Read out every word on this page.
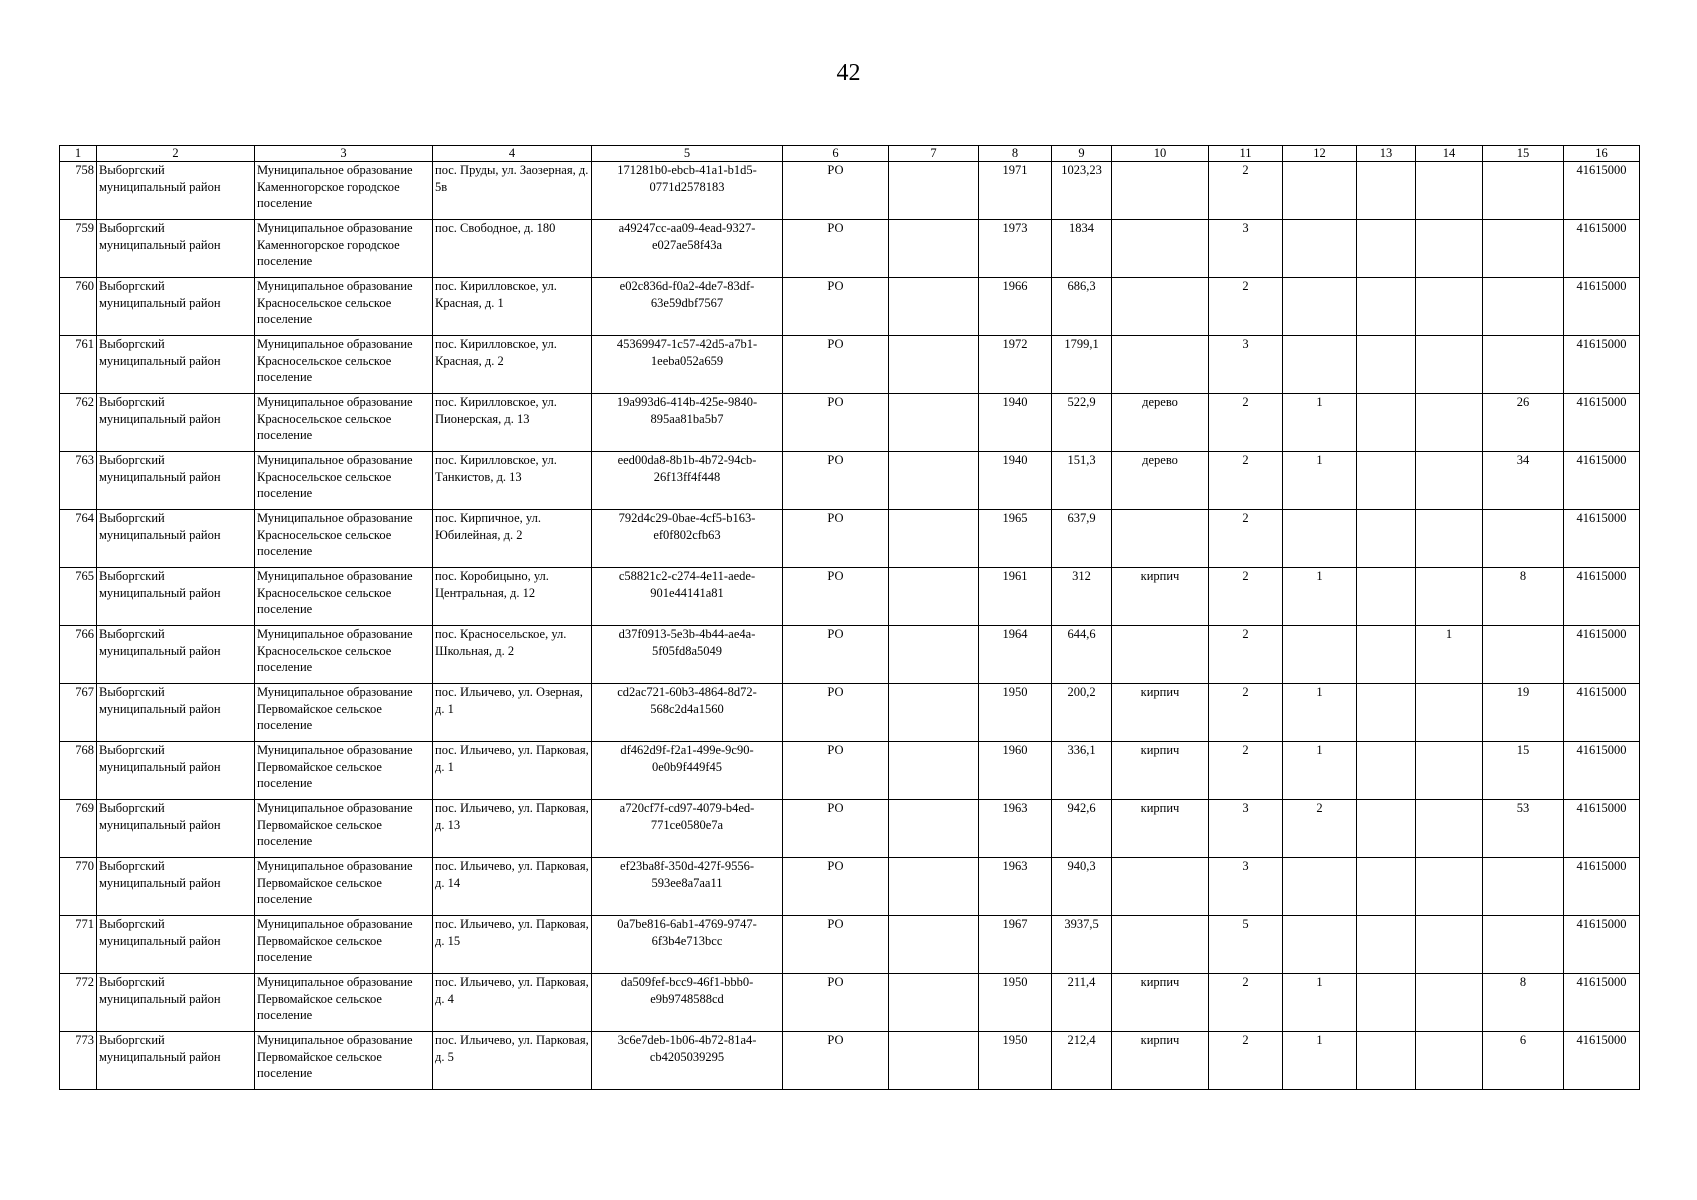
42
1	2	3	4	5	6	7	8	9	10	11	12	13	14	15	16
758	Выборгский муниципальный район	Муниципальное образование Каменногорское городское поселение	пос. Пруды, ул. Заозерная, д. 5в	171281b0-ebcb-41a1-b1d5-0771d2578183	РО		1971	1023,23		2					41615000
759	Выборгский муниципальный район	Муниципальное образование Каменногорское городское поселение	пос. Свободное, д. 180	a49247cc-aa09-4ead-9327-e027ae58f43a	РО		1973	1834		3					41615000
760	Выборгский муниципальный район	Муниципальное образование Красносельское сельское поселение	пос. Кирилловское, ул. Красная, д. 1	e02c836d-f0a2-4de7-83df-63e59dbf7567	РО		1966	686,3		2					41615000
761	Выборгский муниципальный район	Муниципальное образование Красносельское сельское поселение	пос. Кирилловское, ул. Красная, д. 2	45369947-1c57-42d5-a7b1-1eeba052a659	РО		1972	1799,1		3					41615000
762	Выборгский муниципальный район	Муниципальное образование Красносельское сельское поселение	пос. Кирилловское, ул. Пионерская, д. 13	19a993d6-414b-425e-9840-895aa81ba5b7	РО		1940	522,9	дерево	2	1			26	41615000
763	Выборгский муниципальный район	Муниципальное образование Красносельское сельское поселение	пос. Кирилловское, ул. Танкистов, д. 13	eed00da8-8b1b-4b72-94cb-26f13ff4f448	РО		1940	151,3	дерево	2	1			34	41615000
764	Выборгский муниципальный район	Муниципальное образование Красносельское сельское поселение	пос. Кирпичное, ул. Юбилейная, д. 2	792d4c29-0bae-4cf5-b163-ef0f802cfb63	РО		1965	637,9		2					41615000
765	Выборгский муниципальный район	Муниципальное образование Красносельское сельское поселение	пос. Коробицыно, ул. Центральная, д. 12	c58821c2-c274-4e11-aede-901e44141a81	РО		1961	312	кирпич	2	1			8	41615000
766	Выборгский муниципальный район	Муниципальное образование Красносельское сельское поселение	пос. Красносельское, ул. Школьная, д. 2	d37f0913-5e3b-4b44-ae4a-5f05fd8a5049	РО		1964	644,6		2			1		41615000
767	Выборгский муниципальный район	Муниципальное образование Первомайское сельское поселение	пос. Ильичево, ул. Озерная, д. 1	cd2ac721-60b3-4864-8d72-568c2d4a1560	РО		1950	200,2	кирпич	2	1			19	41615000
768	Выборгский муниципальный район	Муниципальное образование Первомайское сельское поселение	пос. Ильичево, ул. Парковая, д. 1	df462d9f-f2a1-499e-9c90-0e0b9f449f45	РО		1960	336,1	кирпич	2	1			15	41615000
769	Выборгский муниципальный район	Муниципальное образование Первомайское сельское поселение	пос. Ильичево, ул. Парковая, д. 13	a720cf7f-cd97-4079-b4ed-771ce0580e7a	РО		1963	942,6	кирпич	3	2			53	41615000
770	Выборгский муниципальный район	Муниципальное образование Первомайское сельское поселение	пос. Ильичево, ул. Парковая, д. 14	ef23ba8f-350d-427f-9556-593ee8a7aa11	РО		1963	940,3		3					41615000
771	Выборгский муниципальный район	Муниципальное образование Первомайское сельское поселение	пос. Ильичево, ул. Парковая, д. 15	0a7be816-6ab1-4769-9747-6f3b4e713bcc	РО		1967	3937,5		5					41615000
772	Выборгский муниципальный район	Муниципальное образование Первомайское сельское поселение	пос. Ильичево, ул. Парковая, д. 4	da509fef-bcc9-46f1-bbb0-e9b9748588cd	РО		1950	211,4	кирпич	2	1			8	41615000
773	Выборгский муниципальный район	Муниципальное образование Первомайское сельское поселение	пос. Ильичево, ул. Парковая, д. 5	3c6e7deb-1b06-4b72-81a4-cb4205039295	РО		1950	212,4	кирпич	2	1			6	41615000
